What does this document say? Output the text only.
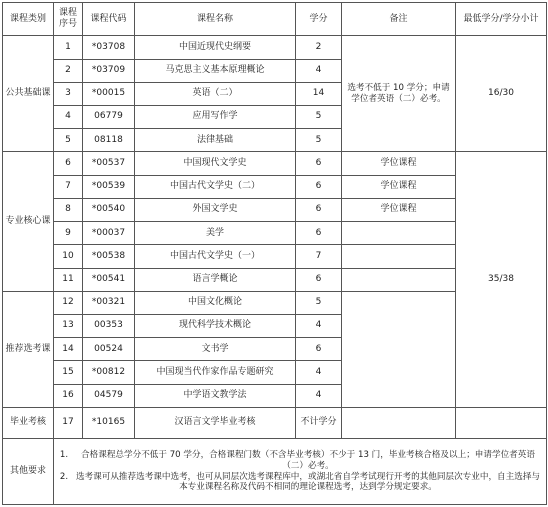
课程类别	课程序号	课程代码	课程名称	学分	备注	最低学分/学分小计
公共基础课	1	*03708	中国近现代史纲要	2	选考不低于 10 学分；申请学位者英语（二）必考。	16/30
	2	*03709	马克思主义基本原理概论	4		
	3	*00015	英语（二）	14		
	4	06779	应用写作学	5		
	5	08118	法律基础	5		
专业核心课	6	*00537	中国现代文学史	6	学位课程	35/38
	7	*00539	中国古代文学史（二）	6	学位课程	
	8	*00540	外国文学史	6	学位课程	
	9	*00037	美学	6		
	10	*00538	中国古代文学史（一）	7		
	11	*00541	语言学概论	6		
推荐选考课	12	*00321	中国文化概论	5		
	13	00353	现代科学技术概论	4		
	14	00524	文书学	6		
	15	*00812	中国现当代作家作品专题研究	4		
	16	04579	中学语文教学法	4		
毕业考核	17	*10165	汉语言文学毕业考核	不计学分		
其他要求	1. 合格课程总学分不低于 70 学分，合格课程门数（不含毕业考核）不少于 13 门，毕业考核合格及以上；申请学位者英语（二）必考。
2. 选考课可从推荐选考课中选考，也可从同层次选考课程库中，或湖北省自学考试现行开考的其他同层次专业中，自主选择与本专业课程名称及代码不相同的理论课程选考，达到学分规定要求。					
